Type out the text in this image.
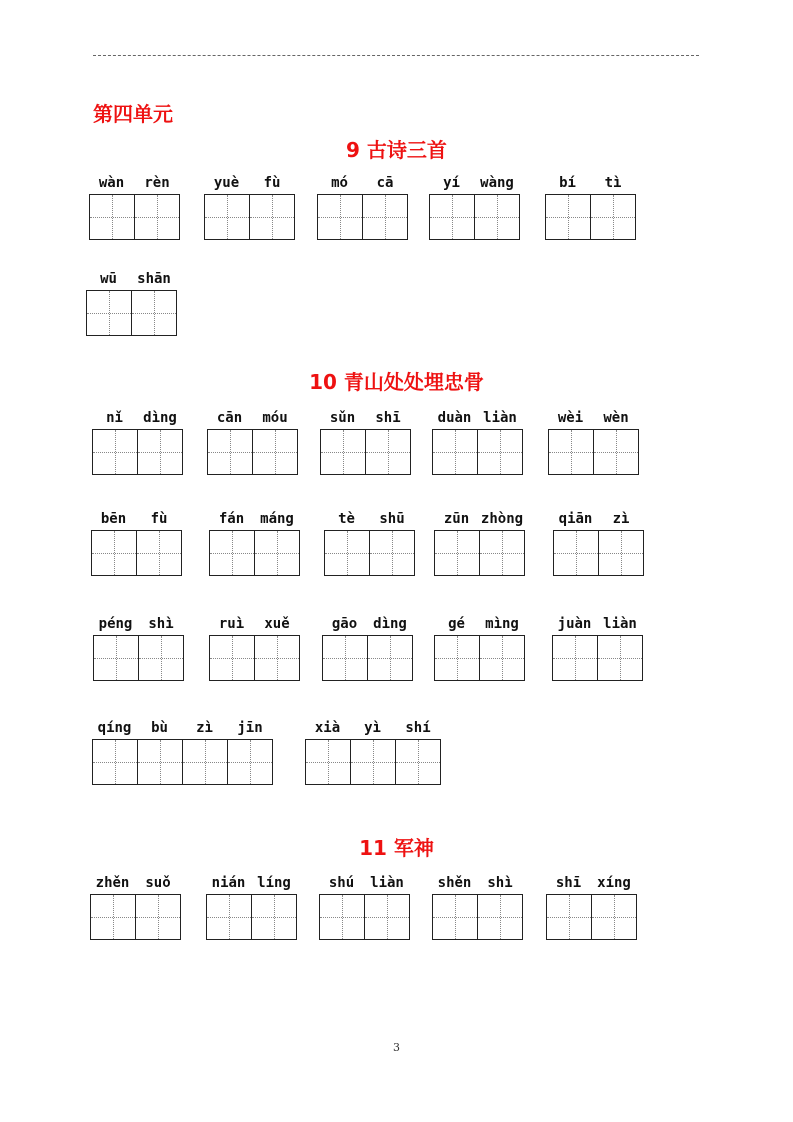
第四单元
9 古诗三首
10 青山处处埋忠骨
11 军神
wàn	rèn	yuè	fù	mó	cā	yí	wàng	bí	tì
wū	shān
nǐ	dìng	cān	móu	sǔn	shī	duàn liàn	wèi	wèn
bēn	fù	fán	máng	tè	shū	zūn zhòng	qiān	zì
péng	shì	ruì	xuě	gāo	dìng	gé	mìng	juàn liàn
qíng	bù	zì	jīn	xià	yì	shí
zhěn	suǒ	nián líng	shú	liàn	shěn	shì	shī	xíng
3
